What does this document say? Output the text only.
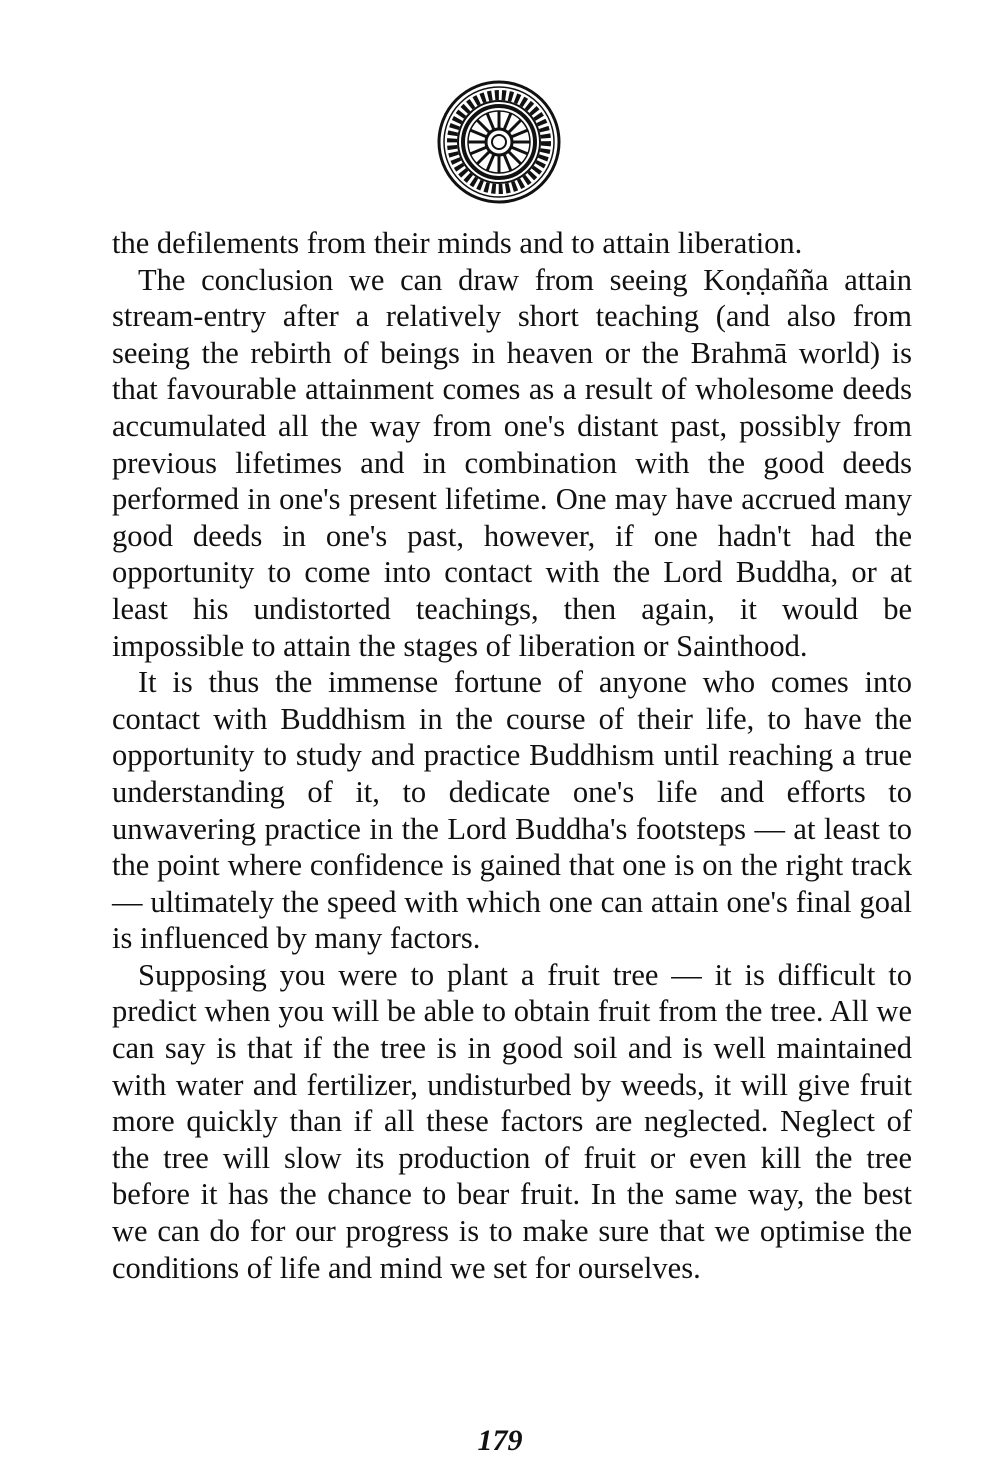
the defilements from their minds and to attain liberation.

The conclusion we can draw from seeing Koṇḍañña attain stream-entry after a relatively short teaching (and also from seeing the rebirth of beings in heaven or the Brahmā world) is that favourable attainment comes as a result of wholesome deeds accumulated all the way from one's distant past, possibly from previous lifetimes and in combination with the good deeds performed in one's present lifetime. One may have accrued many good deeds in one's past, however, if one hadn't had the opportunity to come into contact with the Lord Buddha, or at least his undistorted teachings, then again, it would be impossible to attain the stages of liberation or Sainthood.

It is thus the immense fortune of anyone who comes into contact with Buddhism in the course of their life, to have the opportunity to study and practice Buddhism until reaching a true understanding of it, to dedicate one's life and efforts to unwavering practice in the Lord Buddha's footsteps — at least to the point where confidence is gained that one is on the right track — ultimately the speed with which one can attain one's final goal is influenced by many factors.

Supposing you were to plant a fruit tree — it is difficult to predict when you will be able to obtain fruit from the tree. All we can say is that if the tree is in good soil and is well maintained with water and fertilizer, undisturbed by weeds, it will give fruit more quickly than if all these factors are neglected. Neglect of the tree will slow its production of fruit or even kill the tree before it has the chance to bear fruit. In the same way, the best we can do for our progress is to make sure that we optimise the conditions of life and mind we set for ourselves.

179
